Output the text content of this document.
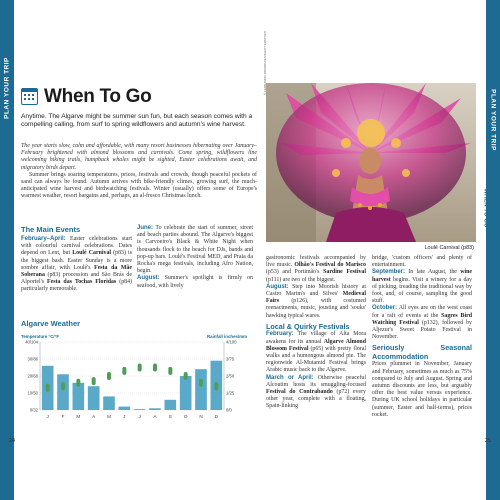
PLAN YOUR TRIP
PLAN YOUR TRIP
WHEN TO GO
WHEN TO GO
24	25
When To Go
Anytime. The Algarve might be summer sun fun, but each season comes with a compelling calling, from surf to spring wildflowers and autumn's wine harvest.

The year starts slow, calm and affordable, with many resort businesses hibernating over January–February brightened with almond blossoms and carnivals. Come spring, wildflowers line welcoming hiking trails, humpback whales might be sighted, Easter celebrations await, and migratory birds depart.

Summer brings soaring temperatures, prices, festivals and crowds, though peaceful pockets of sand can always be found. Autumn arrives with bike-friendly climes, growing surf, the much-anticipated wine harvest and birdwatching festivals. Winter (usually) offers some of Europe's warmest weather, resort bargains and, perhaps, an al-fresco Christmas lunch.

The Main Events

February–April: Easter celebrations start with colourful carnival celebrations. Dates depend on Lent, but Loulé Carnival (p83) is the biggest bash. Easter Sunday is a more sombre affair, with Loulé's Festa da Mãe Soberana (p83) procession and São Brás de Alportel's Festa das Tochas Floridas (p84) particularly memorable.

June: To celebrate the start of summer, street and beach parties abound. The Algarve's biggest is Carvoeiro's Black & White Night when thousands flock to the beach for DJs, bands and pop-up bars. Loulé's Festival MED, and Praia da Rocha's mega festivals, including Afro Nation, begin.

August: Summer's spotlight is firmly on seafood, with lively

Algarve Weather
Temperature °C/°F	Rainfall inches/mm
40/104	4/100
30/86	3/75
20/68	2/50
10/50	1/25
0/32	0/0
J	F	M	A	M	J	J	A	S	O	N	D
© FERNANDO RODRIGUES/SHUTTERSTOCK
Loulé Carnival (p83)

gastronomic festivals accompanied by live music. Olhão's Festival do Marisco (p53) and Portimão's Sardine Festival (p111) are two of the biggest.

August: Step into Moorish history at Castro Marim's and Silves' Medieval Fairs (p126), with costumed reenactments, music, jousting and 'souks' hawking typical wares.

Local & Quirky Festivals

February: The village of Alta Mora awakens for its annual Algarve Almond Blossom Festival (p65) with pretty floral walks and a humongous almond pie. The regionwide Al-Mutamid Festival brings Arabic music back to the Algarve.

March or April: Otherwise peaceful Alcoutim hosts its smuggling-focused Festival do Contrabando (p72) every other year, complete with a floating, Spain-linking

bridge, 'custom officers' and plenty of entertainment.

September: In late August, the wine harvest begins. Visit a winery for a day of picking, treading the traditional way by foot, and, of course, sampling the good stuff.

October: All eyes are on the west coast for a raft of events at the Sagres Bird Watching Festival (p132), followed by Aljezur's Sweet Potato Festival in November.

Seriously Seasonal Accommodation

Prices plummet in November, January and February, sometimes as much as 75% compared to July and August. Spring and autumn discounts are less, but arguably offer the best value versus experience. During UK school holidays in particular (summer, Easter and half-terms), prices rocket.
